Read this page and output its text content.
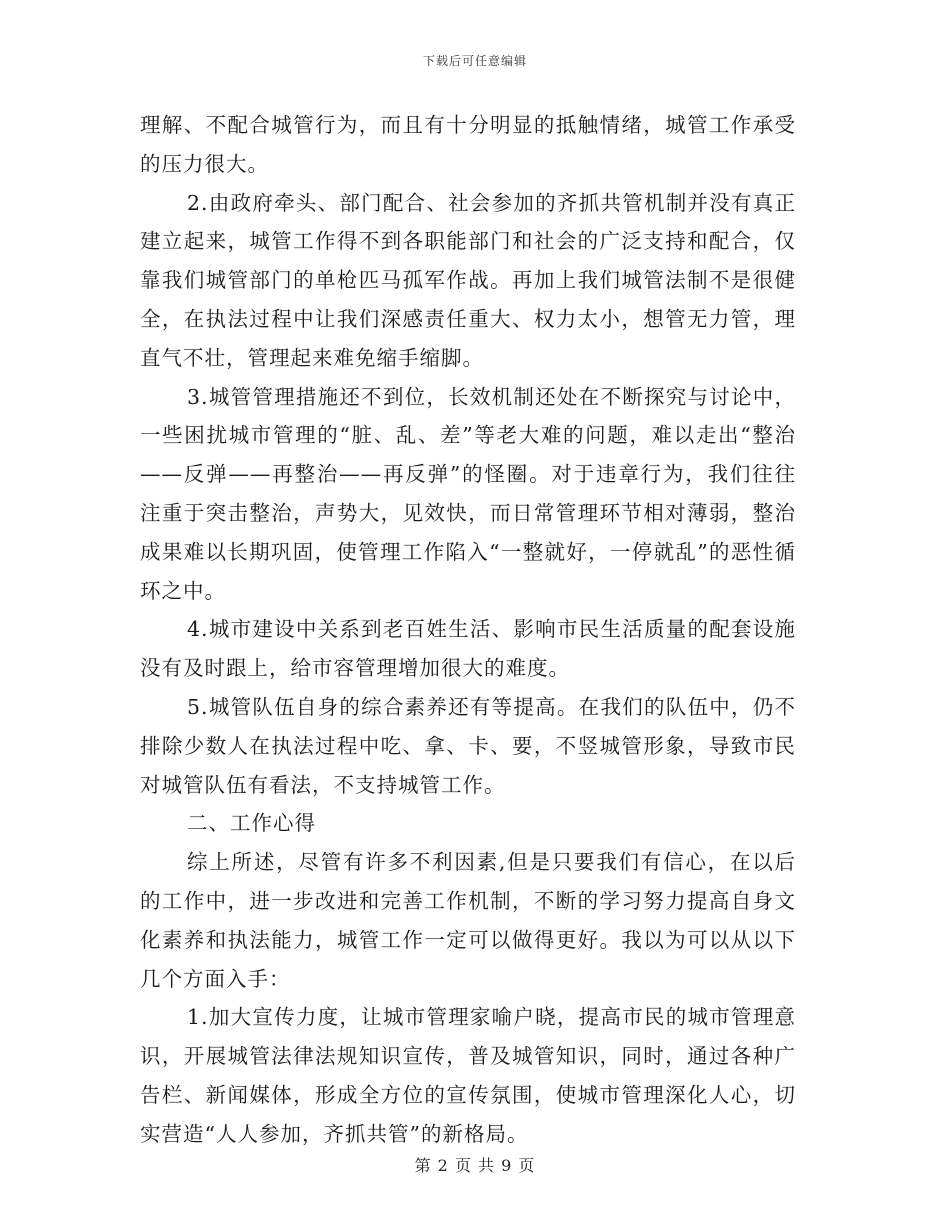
下载后可任意编辑

理解、不配合城管行为，而且有十分明显的抵触情绪，城管工作承受的压力很大。

2.由政府牵头、部门配合、社会参加的齐抓共管机制并没有真正建立起来，城管工作得不到各职能部门和社会的广泛支持和配合，仅靠我们城管部门的单枪匹马孤军作战。再加上我们城管法制不是很健全，在执法过程中让我们深感责任重大、权力太小，想管无力管，理直气不壮，管理起来难免缩手缩脚。

3.城管管理措施还不到位，长效机制还处在不断探究与讨论中，一些困扰城市管理的“脏、乱、差”等老大难的问题，难以走出“整治——反弹——再整治——再反弹”的怪圈。对于违章行为，我们往往注重于突击整治，声势大，见效快，而日常管理环节相对薄弱，整治成果难以长期巩固，使管理工作陷入“一整就好，一停就乱”的恶性循环之中。

4.城市建设中关系到老百姓生活、影响市民生活质量的配套设施没有及时跟上，给市容管理增加很大的难度。

5.城管队伍自身的综合素养还有等提高。在我们的队伍中，仍不排除少数人在执法过程中吃、拿、卡、要，不竖城管形象，导致市民对城管队伍有看法，不支持城管工作。

二、工作心得

综上所述，尽管有许多不利因素,但是只要我们有信心，在以后的工作中，进一步改进和完善工作机制，不断的学习努力提高自身文化素养和执法能力，城管工作一定可以做得更好。我以为可以从以下几个方面入手：

1.加大宣传力度，让城市管理家喻户晓，提高市民的城市管理意识，开展城管法律法规知识宣传，普及城管知识，同时，通过各种广告栏、新闻媒体，形成全方位的宣传氛围，使城市管理深化人心，切实营造“人人参加，齐抓共管”的新格局。

第 2 页 共 9 页
